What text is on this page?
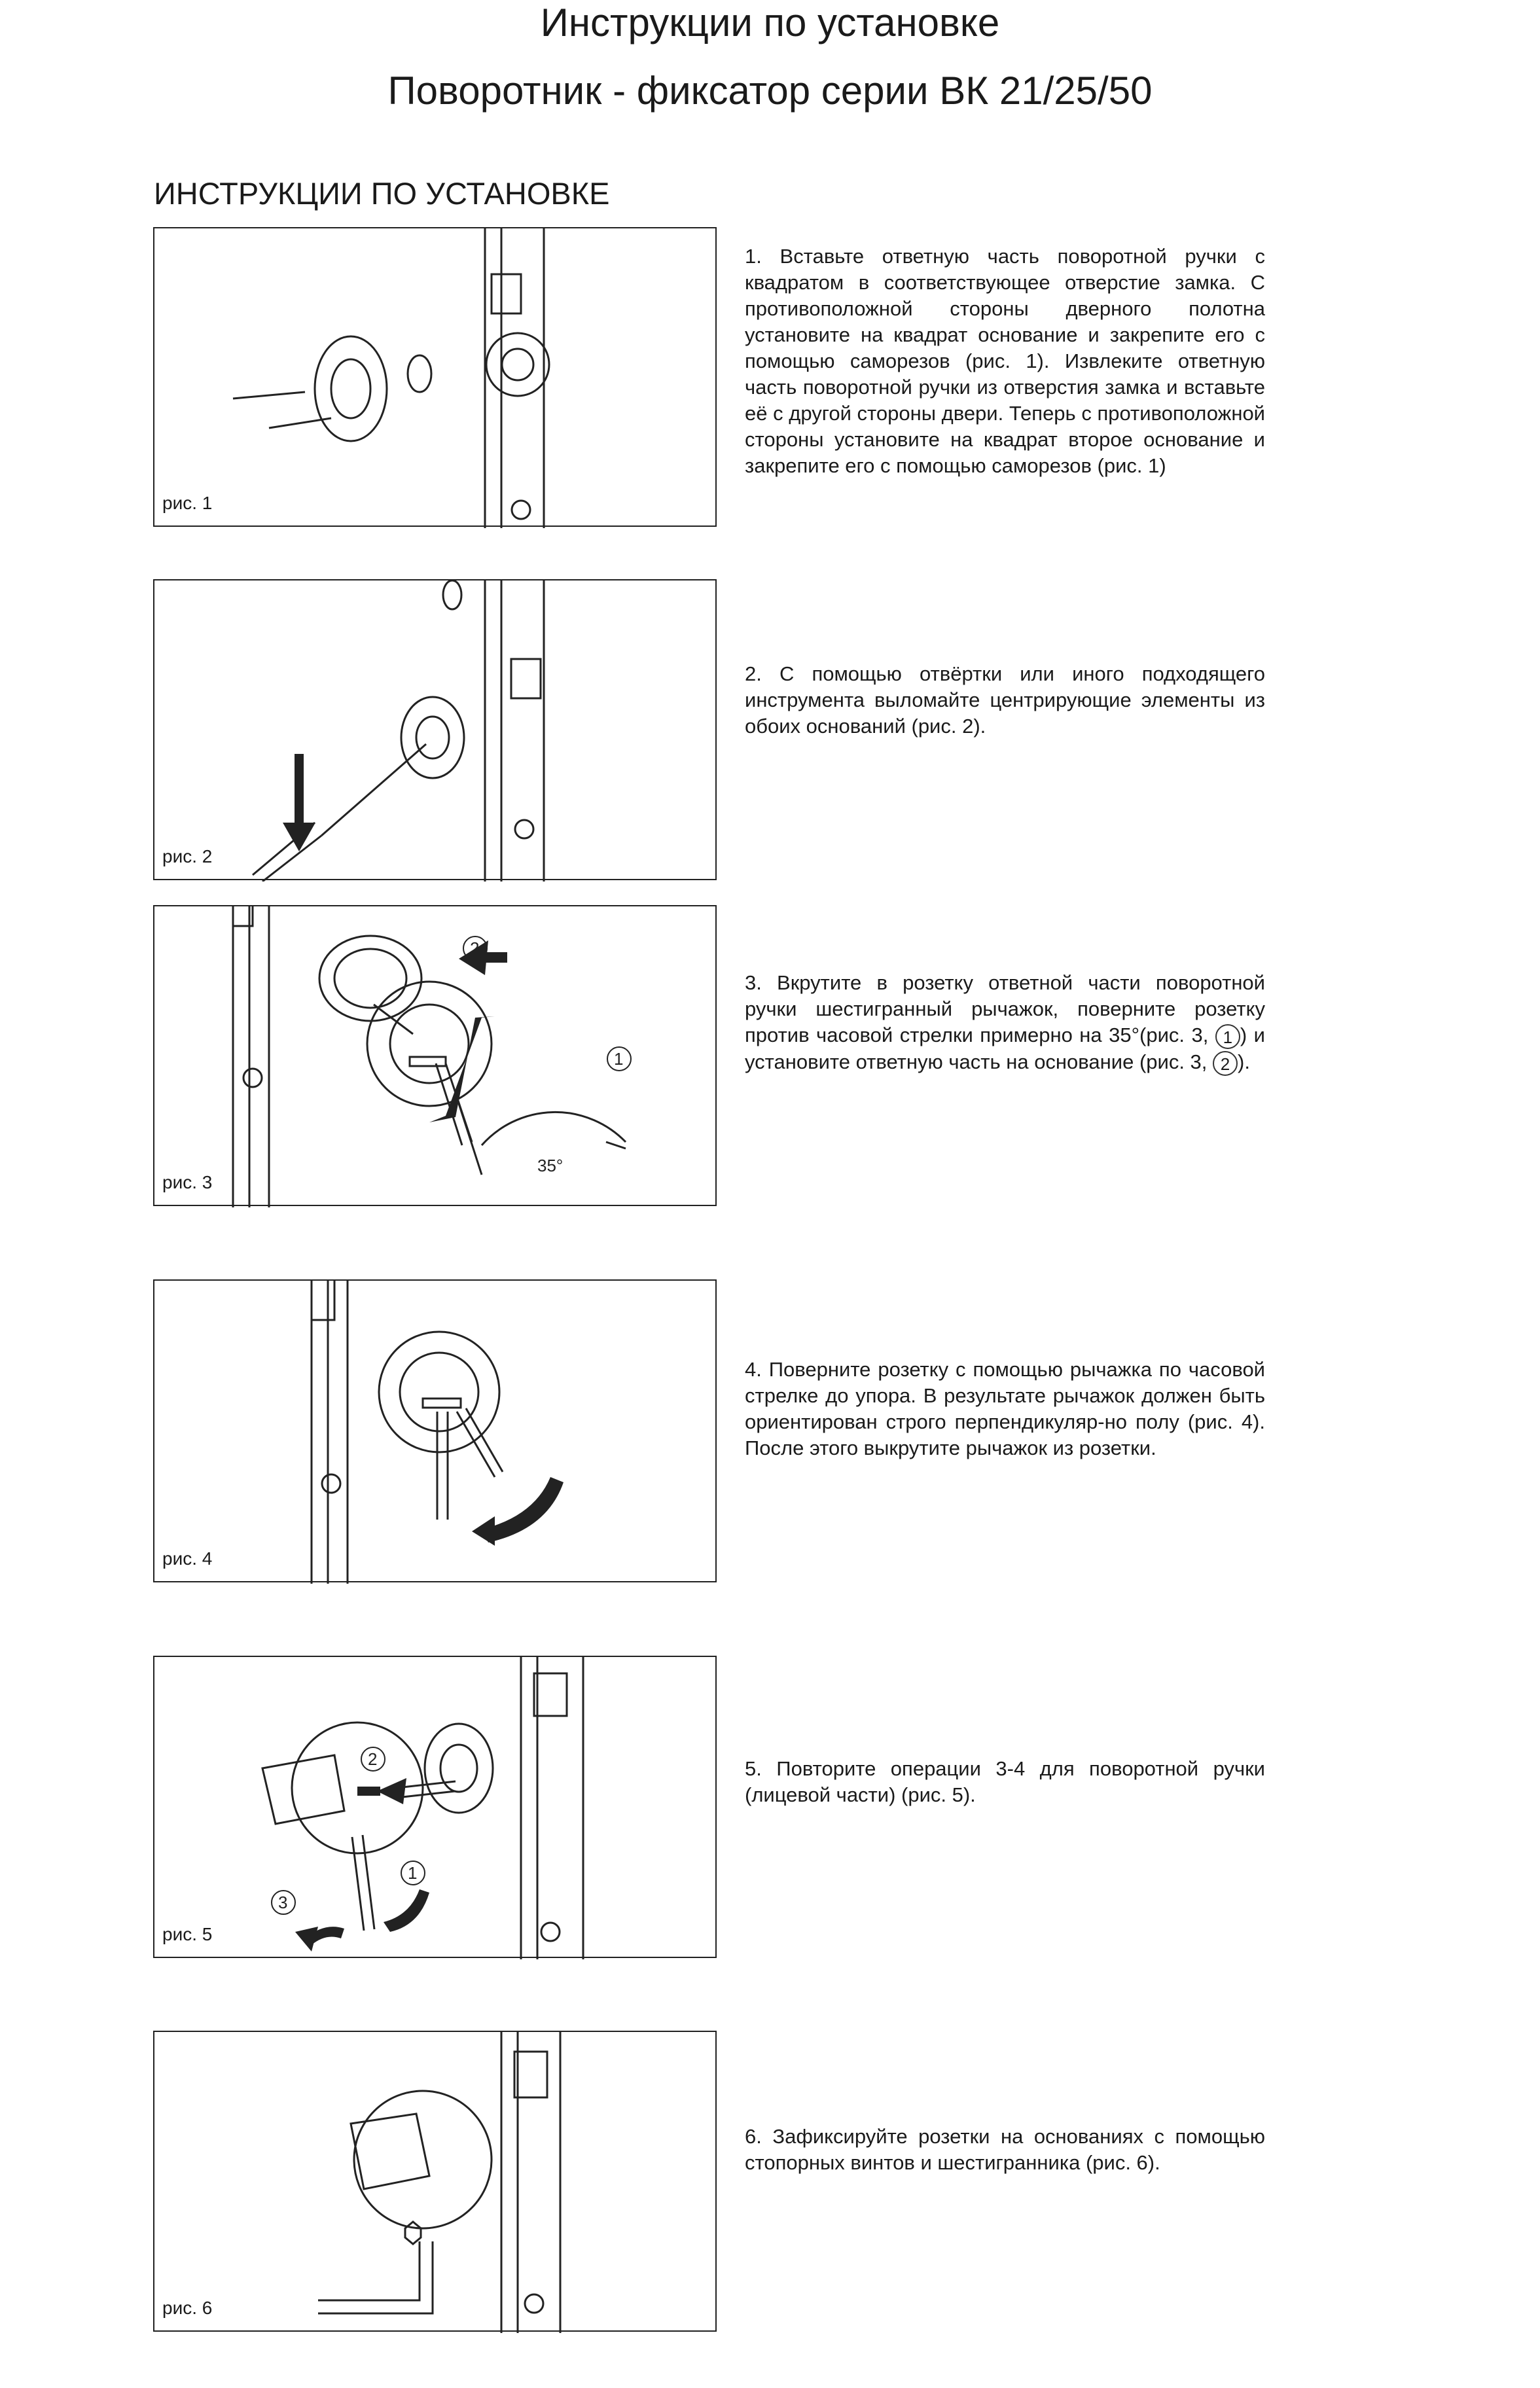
Инструкции по установке
Поворотник - фиксатор серии ВК 21/25/50
ИНСТРУКЦИИ ПО УСТАНОВКЕ
рис. 1
1. Вставьте ответную часть поворотной ручки с квадратом в соответствующее отверстие замка. С противоположной стороны дверного полотна установите на квадрат основание и закрепите его с помощью саморезов (рис. 1). Извлеките ответную часть поворотной ручки из отверстия замка и вставьте её с другой стороны двери. Теперь с противоположной стороны установите на квадрат второе основание и закрепите его с помощью саморезов (рис. 1)
рис. 2
2. С помощью отвёртки или иного подходящего инструмента выломайте центрирующие элементы из обоих оснований (рис. 2).
35°
2
1
рис. 3
3. Вкрутите в розетку ответной части поворотной ручки шестигранный рычажок, поверните розетку против часовой стрелки примерно на 35°(рис. 3, 1 ) и установите ответную часть на основание (рис. 3, 2 ).
рис. 4
4. Поверните розетку с помощью рычажка по часовой стрелке до упора. В результате рычажок должен быть ориентирован строго перпендикуляр-но полу (рис. 4). После этого выкрутите рычажок из розетки.
2
1
3
рис. 5
5. Повторите операции 3-4 для поворотной ручки (лицевой части) (рис. 5).
рис. 6
6. Зафиксируйте розетки на основаниях с помощью стопорных винтов и шестигранника (рис. 6).
